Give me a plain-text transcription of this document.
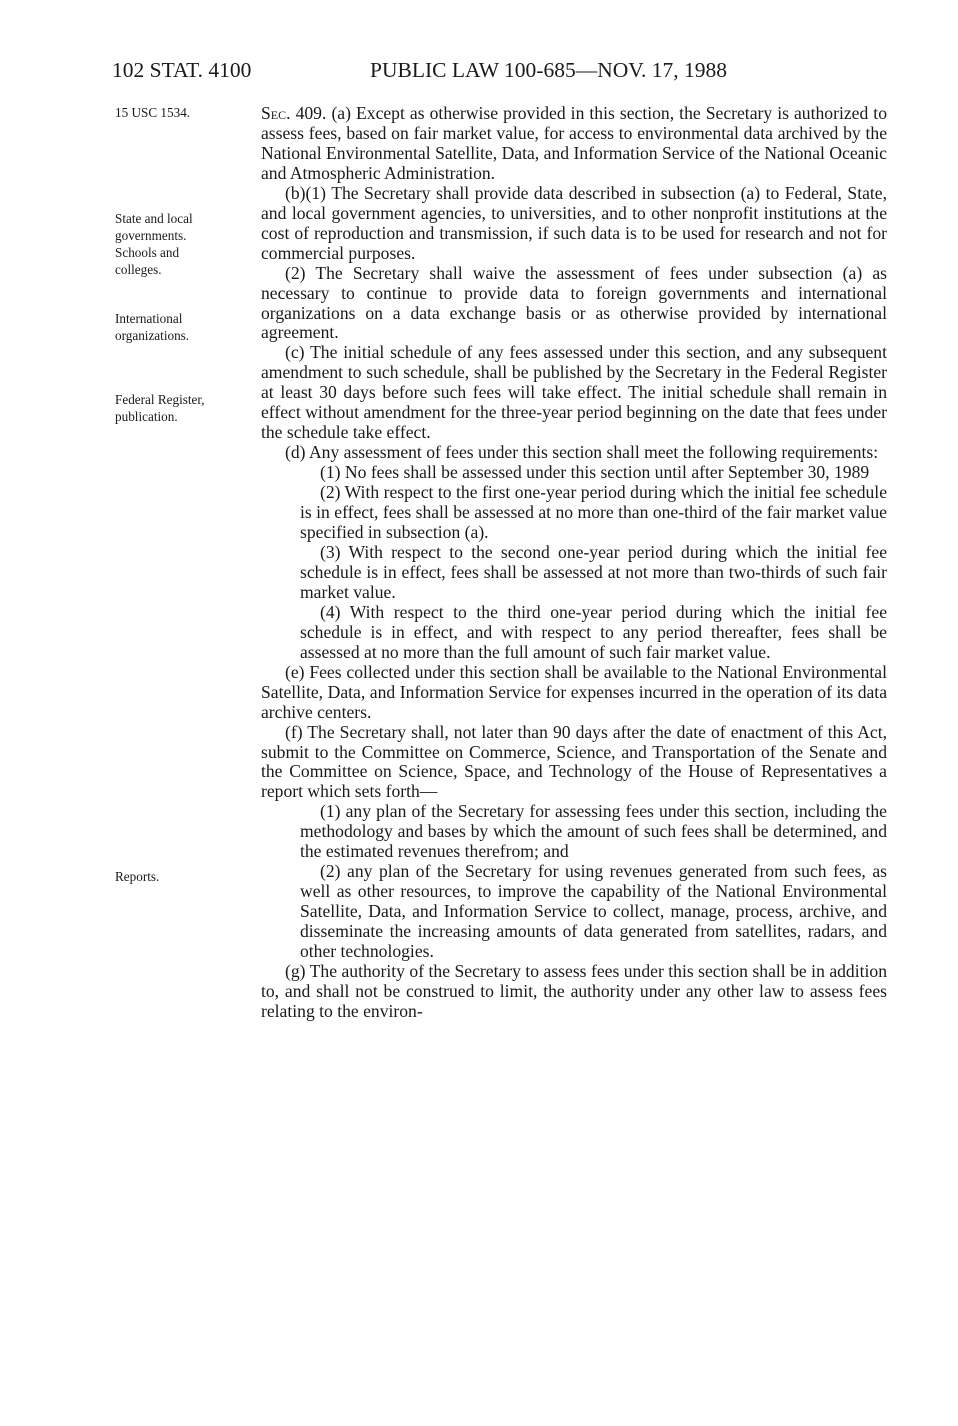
102 STAT. 4100	PUBLIC LAW 100-685—NOV. 17, 1988
15 USC 1534.
State and local
governments.
Schools and
colleges.
International
organizations.
Federal Register,
publication.
Reports.

Sec. 409. (a) Except as otherwise provided in this section, the Secretary is authorized to assess fees, based on fair market value, for access to environmental data archived by the National Environmental Satellite, Data, and Information Service of the National Oceanic and Atmospheric Administration.

(b)(1) The Secretary shall provide data described in subsection (a) to Federal, State, and local government agencies, to universities, and to other nonprofit institutions at the cost of reproduction and transmission, if such data is to be used for research and not for commercial purposes.

(2) The Secretary shall waive the assessment of fees under subsection (a) as necessary to continue to provide data to foreign governments and international organizations on a data exchange basis or as otherwise provided by international agreement.

(c) The initial schedule of any fees assessed under this section, and any subsequent amendment to such schedule, shall be published by the Secretary in the Federal Register at least 30 days before such fees will take effect. The initial schedule shall remain in effect without amendment for the three-year period beginning on the date that fees under the schedule take effect.

(d) Any assessment of fees under this section shall meet the following requirements:

(1) No fees shall be assessed under this section until after September 30, 1989

(2) With respect to the first one-year period during which the initial fee schedule is in effect, fees shall be assessed at no more than one-third of the fair market value specified in subsection (a).

(3) With respect to the second one-year period during which the initial fee schedule is in effect, fees shall be assessed at not more than two-thirds of such fair market value.

(4) With respect to the third one-year period during which the initial fee schedule is in effect, and with respect to any period thereafter, fees shall be assessed at no more than the full amount of such fair market value.

(e) Fees collected under this section shall be available to the National Environmental Satellite, Data, and Information Service for expenses incurred in the operation of its data archive centers.

(f) The Secretary shall, not later than 90 days after the date of enactment of this Act, submit to the Committee on Commerce, Science, and Transportation of the Senate and the Committee on Science, Space, and Technology of the House of Representatives a report which sets forth—

(1) any plan of the Secretary for assessing fees under this section, including the methodology and bases by which the amount of such fees shall be determined, and the estimated revenues therefrom; and

(2) any plan of the Secretary for using revenues generated from such fees, as well as other resources, to improve the capability of the National Environmental Satellite, Data, and Information Service to collect, manage, process, archive, and disseminate the increasing amounts of data generated from satellites, radars, and other technologies.

(g) The authority of the Secretary to assess fees under this section shall be in addition to, and shall not be construed to limit, the authority under any other law to assess fees relating to the environ-
